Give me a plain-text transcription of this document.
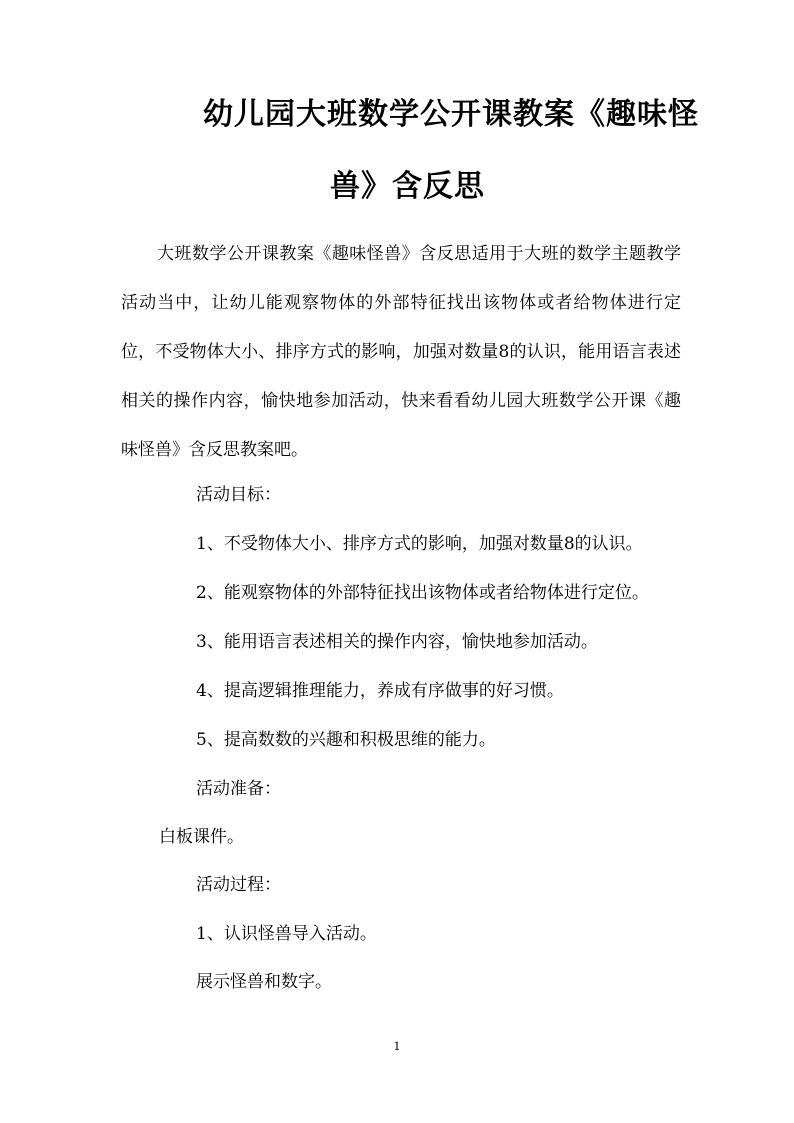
幼儿园大班数学公开课教案《趣味怪
兽》含反思
大班数学公开课教案《趣味怪兽》含反思适用于大班的数学主题教学活动当中，让幼儿能观察物体的外部特征找出该物体或者给物体进行定位，不受物体大小、排序方式的影响，加强对数量8的认识，能用语言表述相关的操作内容，愉快地参加活动，快来看看幼儿园大班数学公开课《趣味怪兽》含反思教案吧。
活动目标：
1、不受物体大小、排序方式的影响，加强对数量8的认识。
2、能观察物体的外部特征找出该物体或者给物体进行定位。
3、能用语言表述相关的操作内容，愉快地参加活动。
4、提高逻辑推理能力，养成有序做事的好习惯。
5、提高数数的兴趣和积极思维的能力。
活动准备：
白板课件。
活动过程：
1、认识怪兽导入活动。
展示怪兽和数字。
1
